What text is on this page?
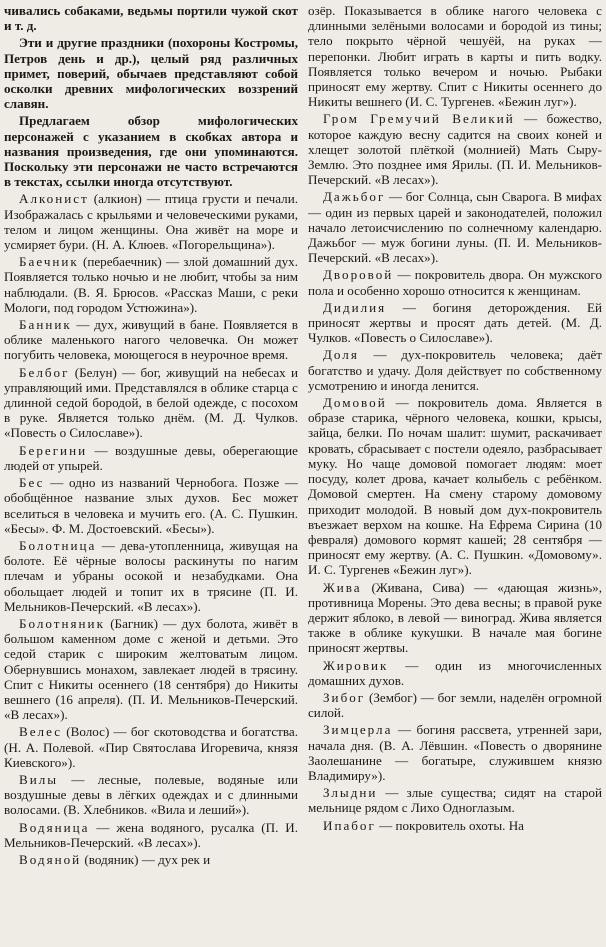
чивались собаками, ведьмы портили чужой скот и т. д.

Эти и другие праздники (похороны Костромы, Петров день и др.), целый ряд различных примет, поверий, обычаев представляют собой осколки древних мифологических воззрений славян.

Предлагаем обзор мифологических персонажей с указанием в скобках автора и названия произведения, где они упоминаются. Поскольку эти персонажи не часто встречаются в текстах, ссылки иногда отсутствуют.

Алконист (алкион) — птица грусти и печали. Изображалась с крыльями и человеческими руками, телом и лицом женщины. Она живёт на море и усмиряет бури. (Н. А. Клюев. «Погорельщина»).

Баечник (перебаечник) — злой домашний дух. Появляется только ночью и не любит, чтобы за ним наблюдали. (В. Я. Брюсов. «Рассказ Маши, с реки Мологи, под городом Устюжина»).

Банник — дух, живущий в бане. Появляется в облике маленького нагого человечка. Он может погубить человека, моющегося в неурочное время.

Белбог (Белун) — бог, живущий на небесах и управляющий ими. Представлялся в облике старца с длинной седой бородой, в белой одежде, с посохом в руке. Является только днём. (М. Д. Чулков. «Повесть о Силославе»).

Берегини — воздушные девы, оберегающие людей от упырей.

Бес — одно из названий Чернобога. Позже — обобщённое название злых духов. Бес может вселиться в человека и мучить его. (А. С. Пушкин. «Бесы». Ф. М. Достоевский. «Бесы»).

Болотница — дева-утопленница, живущая на болоте. Её чёрные волосы раскинуты по нагим плечам и убраны осокой и незабудками. Она обольщает людей и топит их в трясине (П. И. Мельников-Печерский. «В лесах»).

Болотняник (Багник) — дух болота, живёт в большом каменном доме с женой и детьми. Это седой старик с широким желтоватым лицом. Обернувшись монахом, завлекает людей в трясину. Спит с Никиты осеннего (18 сентября) до Никиты вешнего (16 апреля). (П. И. Мельников-Печерский. «В лесах»).

Велес (Волос) — бог скотоводства и богатства. (Н. А. Полевой. «Пир Святослава Игоревича, князя Киевского»).

Вилы — лесные, полевые, водяные или воздушные девы в лёгких одеждах и с длинными волосами. (В. Хлебников. «Вила и леший»).

Водяница — жена водяного, русалка (П. И. Мельников-Печерский. «В лесах»).

Водяной (водяник) — дух рек и

озёр. Показывается в облике нагого человека с длинными зелёными волосами и бородой из тины; тело покрыто чёрной чешуёй, на руках — перепонки. Любит играть в карты и пить водку. Появляется только вечером и ночью. Рыбаки приносят ему жертву. Спит с Никиты осеннего до Никиты вешнего (И. С. Тургенев. «Бежин луг»).

Гром Гремучий Великий — божество, которое каждую весну садится на своих коней и хлещет золотой плёткой (молнией) Мать Сыру-Землю. Это позднее имя Ярилы. (П. И. Мельников-Печерский. «В лесах»).

Дажьбог — бог Солнца, сын Сварога. В мифах — один из первых царей и законодателей, положил начало летоисчислению по солнечному календарю. Дажьбог — муж богини луны. (П. И. Мельников-Печерский. «В лесах»).

Дворовой — покровитель двора. Он мужского пола и особенно хорошо относится к женщинам.

Дидилия — богиня деторождения. Ей приносят жертвы и просят дать детей. (М. Д. Чулков. «Повесть о Силославе»).

Доля — дух-покровитель человека; даёт богатство и удачу. Доля действует по собственному усмотрению и иногда ленится.

Домовой — покровитель дома. Является в образе старика, чёрного человека, кошки, крысы, зайца, белки. По ночам шалит: шумит, раскачивает кровать, сбрасывает с постели одеяло, разбрасывает муку. Но чаще домовой помогает людям: моет посуду, колет дрова, качает колыбель с ребёнком. Домовой смертен. На смену старому домовому приходит молодой. В новый дом дух-покровитель въезжает верхом на кошке. На Ефрема Сирина (10 февраля) домового кормят кашей; 28 сентября — приносят ему жертву. (А. С. Пушкин. «Домовому». И. С. Тургенев «Бежин луг»).

Жива (Живана, Сива) — «дающая жизнь», противница Морены. Это дева весны; в правой руке держит яблоко, в левой — виноград. Жива является также в облике кукушки. В начале мая богине приносят жертвы.

Жировик — один из многочисленных домашних духов.

Зибог (Зембог) — бог земли, наделён огромной силой.

Зимцерла — богиня рассвета, утренней зари, начала дня. (В. А. Лёвшин. «Повесть о дворянине Заолешанине — богатыре, служившем князю Владимиру»).

Злыдни — злые существа; сидят на старой мельнице рядом с Лихо Одноглазым.

Ипабог — покровитель охоты. На
